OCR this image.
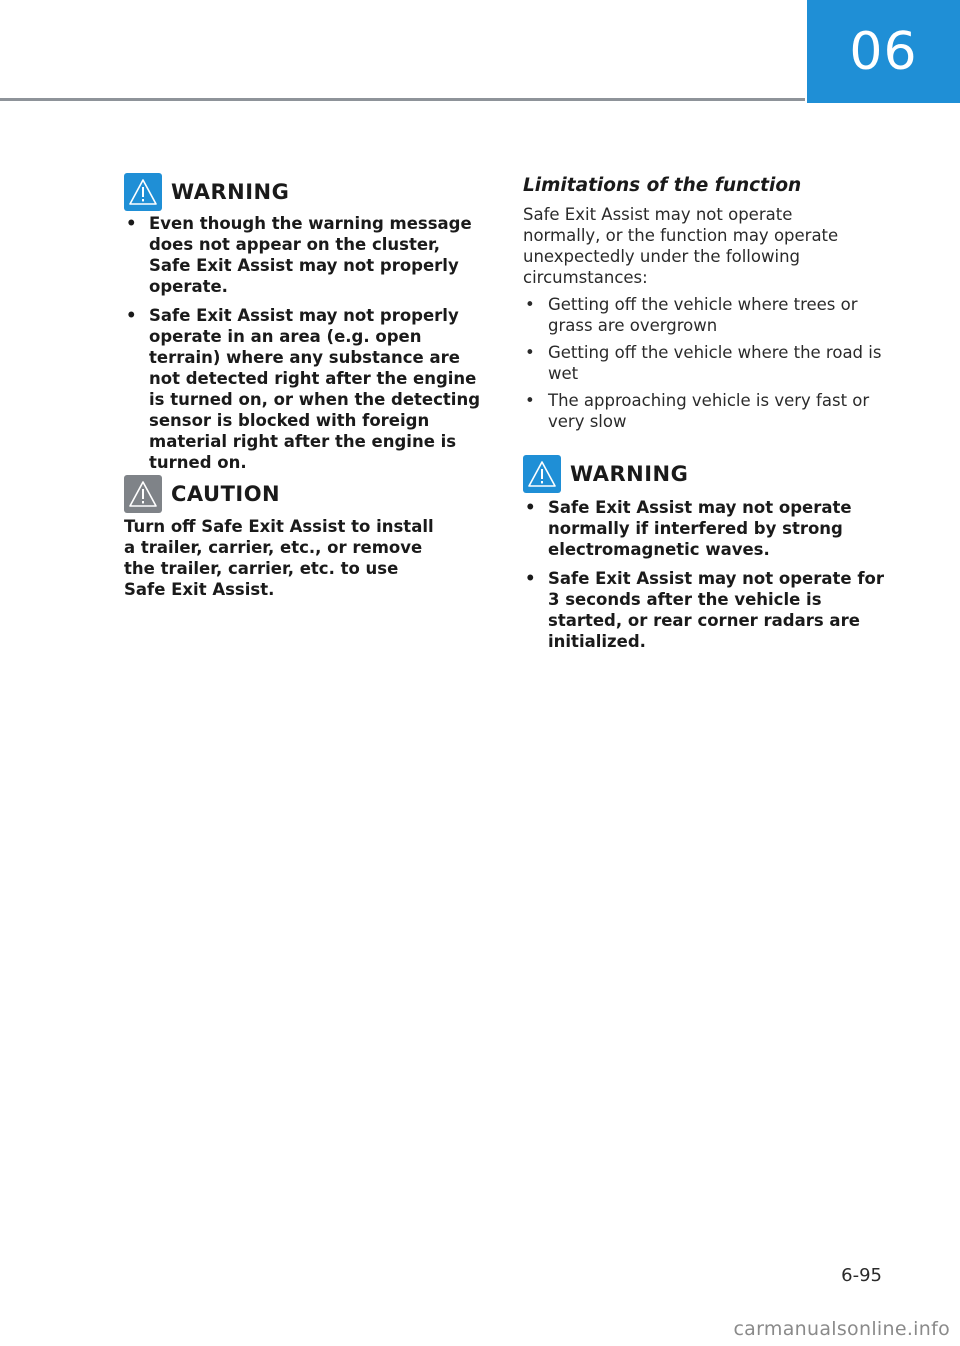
06
WARNING
• Even though the warning message does not appear on the cluster, Safe Exit Assist may not properly operate.
• Safe Exit Assist may not properly operate in an area (e.g. open terrain) where any substance are not detected right after the engine is turned on, or when the detecting sensor is blocked with foreign material right after the engine is turned on.
CAUTION

Turn off Safe Exit Assist to install a trailer, carrier, etc., or remove the trailer, carrier, etc. to use Safe Exit Assist.

Limitations of the function

Safe Exit Assist may not operate normally, or the function may operate unexpectedly under the following circumstances:

• Getting off the vehicle where trees or grass are overgrown
• Getting off the vehicle where the road is wet
• The approaching vehicle is very fast or very slow
WARNING
• Safe Exit Assist may not operate normally if interfered by strong electromagnetic waves.
• Safe Exit Assist may not operate for 3 seconds after the vehicle is started, or rear corner radars are initialized.
6-95
carmanualsonline.info
